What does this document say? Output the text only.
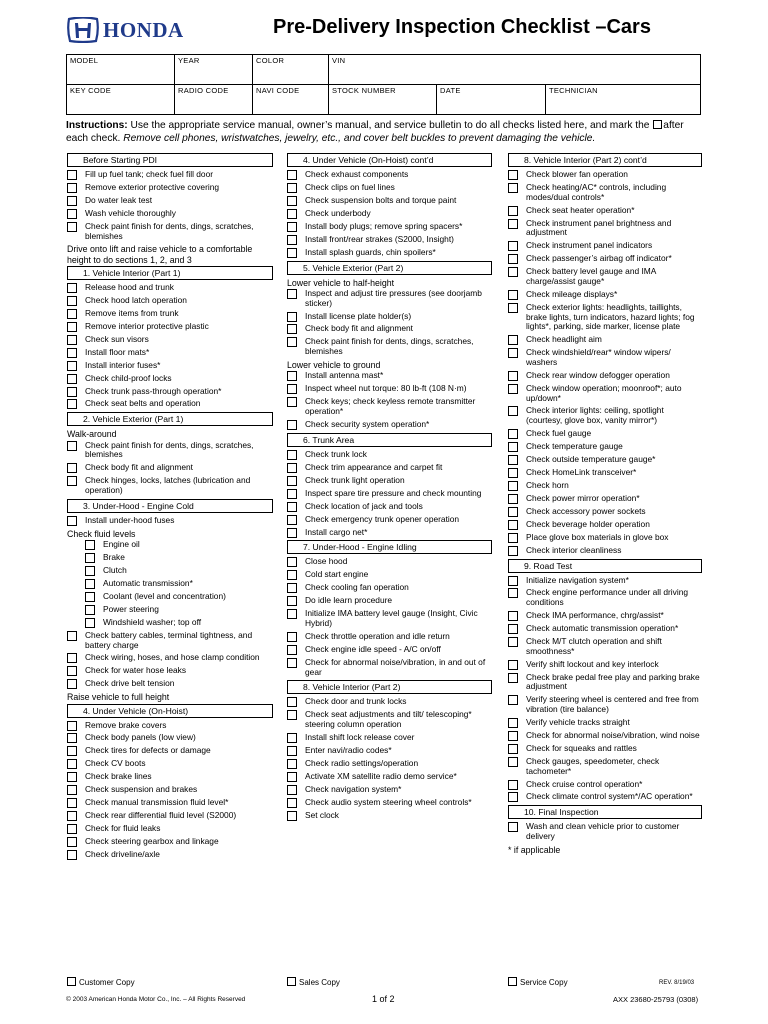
HONDA	Pre-Delivery Inspection Checklist –Cars
MODEL	YEAR	COLOR	VIN		
KEY CODE	RADIO CODE	NAVI CODE	STOCK NUMBER	DATE	TECHNICIAN
Instructions: Use the appropriate service manual, owner’s manual, and service bulletin to do all checks listed here, and mark the after each check. Remove cell phones, wristwatches, jewelry, etc., and cover belt buckles to prevent damaging the vehicle.
Before Starting PDI
Fill up fuel tank; check fuel fill door
Remove exterior protective covering
Do water leak test
Wash vehicle thoroughly
Check paint finish for dents, dings, scratches, blemishes
Drive onto lift and raise vehicle to a comfortable height to do sections 1, 2, and 3
1. Vehicle Interior (Part 1)
Release hood and trunk
Check hood latch operation
Remove items from trunk
Remove interior protective plastic
Check sun visors
Install floor mats*
Install interior fuses*
Check child-proof locks
Check trunk pass-through operation*
Check seat belts and operation
2. Vehicle Exterior (Part 1)
Walk-around
Check paint finish for dents, dings, scratches, blemishes
Check body fit and alignment
Check hinges, locks, latches (lubrication and operation)
3. Under-Hood - Engine Cold
Install under-hood fuses
Check fluid levels
Engine oil
Brake
Clutch
Automatic transmission*
Coolant (level and concentration)
Power steering
Windshield washer; top off
Check battery cables, terminal tightness, and battery charge
Check wiring, hoses, and hose clamp condition
Check for water hose leaks
Check drive belt tension
Raise vehicle to full height
4. Under Vehicle (On-Hoist)
Remove brake covers
Check body panels (low view)
Check tires for defects or damage
Check CV boots
Check brake lines
Check suspension and brakes
Check manual transmission fluid level*
Check rear differential fluid level (S2000)
Check for fluid leaks
Check steering gearbox and linkage
Check driveline/axle
4. Under Vehicle (On-Hoist) cont’d
Check exhaust components
Check clips on fuel lines
Check suspension bolts and torque paint
Check underbody
Install body plugs; remove spring spacers*
Install front/rear strakes (S2000, Insight)
Install splash guards, chin spoilers*
5. Vehicle Exterior (Part 2)
Lower vehicle to half-height
Inspect and adjust tire pressures (see doorjamb sticker)
Install license plate holder(s)
Check body fit and alignment
Check paint finish for dents, dings, scratches, blemishes
Lower vehicle to ground
Install antenna mast*
Inspect wheel nut torque: 80 lb-ft (108 N·m)
Check keys; check keyless remote transmitter operation*
Check security system operation*
6. Trunk Area
Check trunk lock
Check trim appearance and carpet fit
Check trunk light operation
Inspect spare tire pressure and check mounting
Check location of jack and tools
Check emergency trunk opener operation
Install cargo net*
7. Under-Hood - Engine Idling
Close hood
Cold start engine
Check cooling fan operation
Do idle learn procedure
Initialize IMA battery level gauge (Insight, Civic Hybrid)
Check throttle operation and idle return
Check engine idle speed - A/C on/off
Check for abnormal noise/vibration, in and out of gear
8. Vehicle Interior (Part 2)
Check door and trunk locks
Check seat adjustments and tilt/ telescoping* steering column operation
Install shift lock release cover
Enter navi/radio codes*
Check radio settings/operation
Activate XM satellite radio demo service*
Check navigation system*
Check audio system steering wheel controls*
Set clock
8. Vehicle Interior (Part 2) cont’d
Check blower fan operation
Check heating/AC* controls, including modes/dual controls*
Check seat heater operation*
Check instrument panel brightness and adjustment
Check instrument panel indicators
Check passenger’s airbag off indicator*
Check battery level gauge and IMA charge/assist gauge*
Check mileage displays*
Check exterior lights: headlights, taillights, brake lights, turn indicators, hazard lights; fog lights*, parking, side marker, license plate
Check headlight aim
Check windshield/rear* window wipers/ washers
Check rear window defogger operation
Check window operation; moonroof*; auto up/down*
Check interior lights: ceiling, spotlight (courtesy, glove box, vanity mirror*)
Check fuel gauge
Check temperature gauge
Check outside temperature gauge*
Check HomeLink transceiver*
Check horn
Check power mirror operation*
Check accessory power sockets
Check beverage holder operation
Place glove box materials in glove box
Check interior cleanliness
9. Road Test
Initialize navigation system*
Check engine performance under all driving conditions
Check IMA performance, chrg/assist*
Check automatic transmission operation*
Check M/T clutch operation and shift smoothness*
Verify shift lockout and key interlock
Check brake pedal free play and parking brake adjustment
Verify steering wheel is centered and free from vibration (tire balance)
Verify vehicle tracks straight
Check for abnormal noise/vibration, wind noise
Check for squeaks and rattles
Check gauges, speedometer, check tachometer*
Check cruise control operation*
Check climate control system*/AC operation*
10. Final Inspection
Wash and clean vehicle prior to customer delivery
* if applicable
Customer Copy	Sales Copy	Service Copy	REV. 8/19/03
© 2003 American Honda Motor Co., Inc. – All Rights Reserved	1 of 2	AXX 23680-25793 (0308)
